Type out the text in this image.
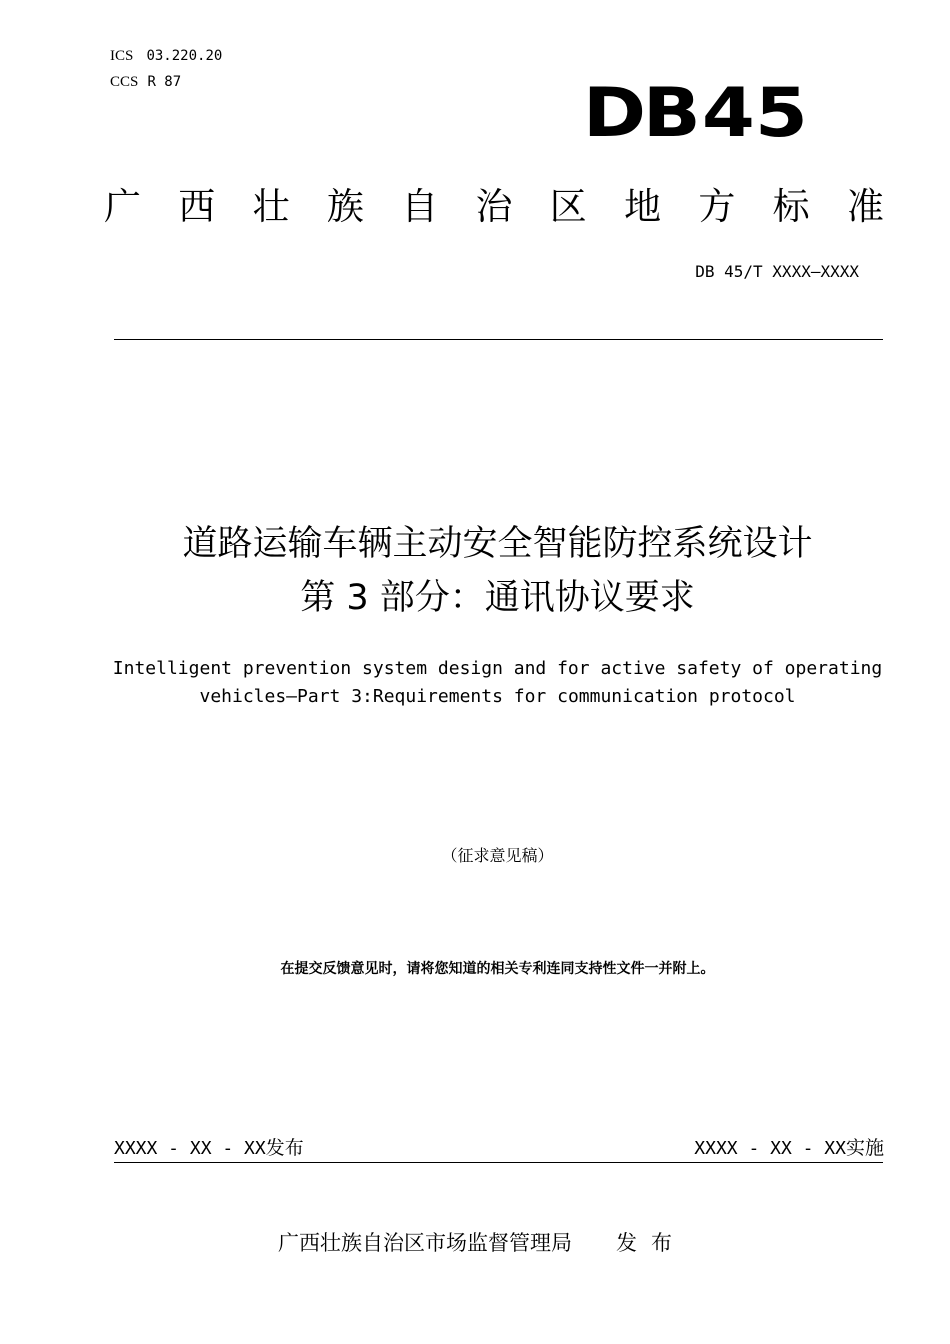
ICS 03.220.20
CCS R 87	DB45
广 西 壮 族 自 治 区 地 方 标 准
DB 45/T XXXX—XXXX
道路运输车辆主动安全智能防控系统设计
第 3 部分：通讯协议要求
Intelligent prevention system design and for active safety of operating
vehicles—Part 3:Requirements for communication protocol
（征求意见稿）
在提交反馈意见时，请将您知道的相关专利连同支持性文件一并附上。
XXXX - XX - XX发布	XXXX - XX - XX实施
广西壮族自治区市场监督管理局 发布
